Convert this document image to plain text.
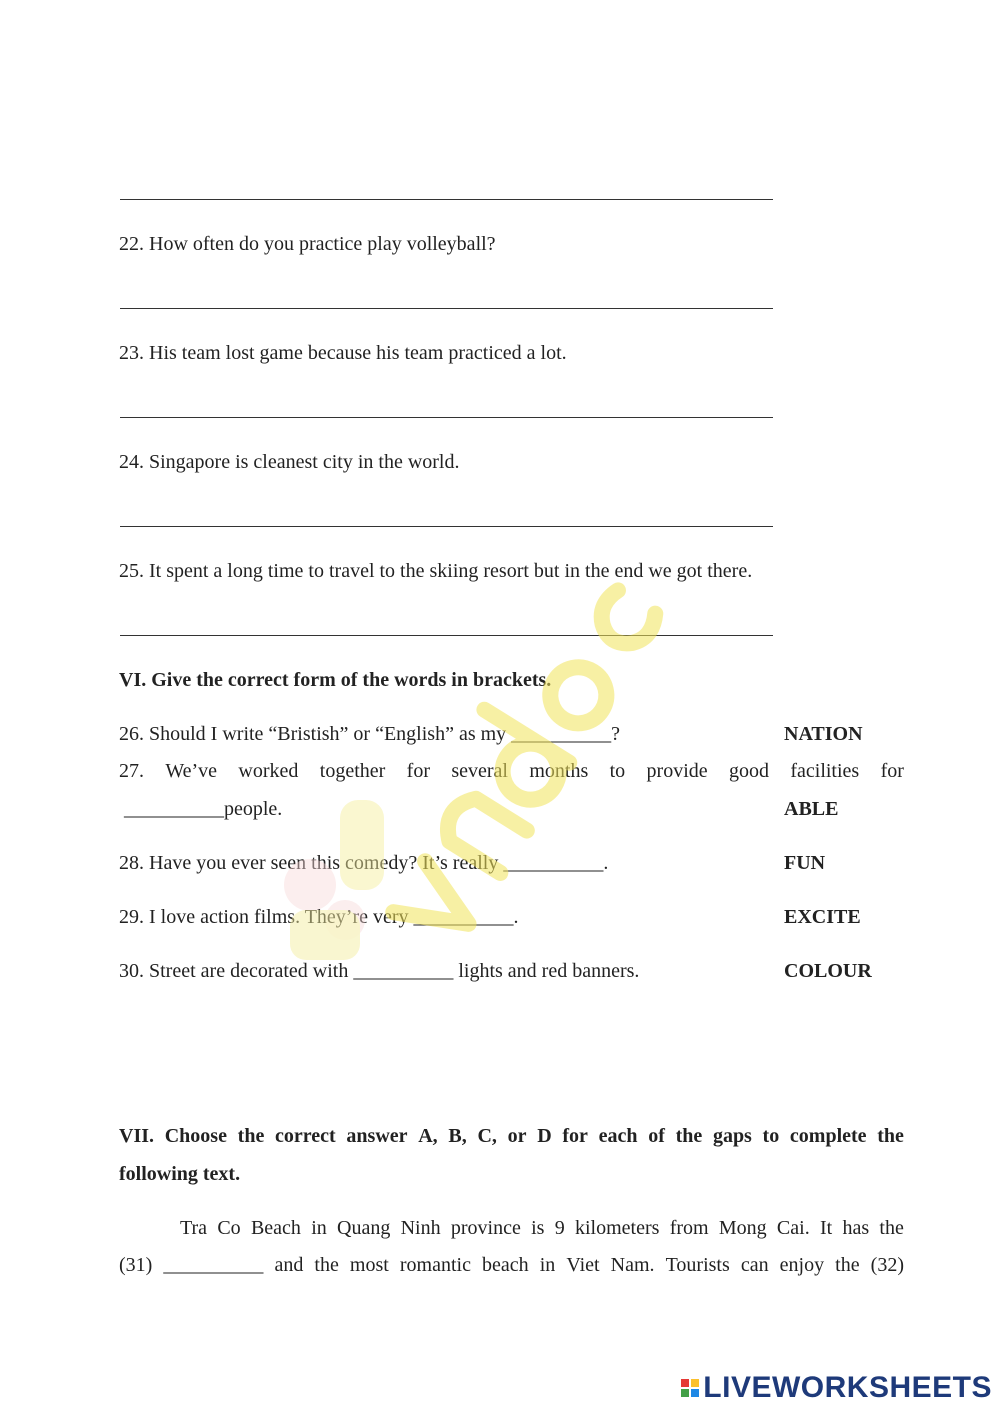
22. How often do you practice play volleyball?
23. His team lost game because his team practiced a lot.
24. Singapore is cleanest city in the world.
25. It spent a long time to travel to the skiing resort but in the end we got there.
VI. Give the correct form of the words in brackets.
26. Should I write “Bristish” or “English” as my __________?	NATION
27. We’ve worked together for several months to provide good facilities for
__________people.	ABLE
28. Have you ever seen this comedy? It’s really __________.	FUN
29. I love action films. They’re very __________.	EXCITE
30. Street are decorated with __________ lights and red banners.	COLOUR
VII. Choose the correct answer A, B, C, or D for each of the gaps to complete the
following text.
Tra Co Beach in Quang Ninh province is 9 kilometers from Mong Cai. It has the
(31) __________ and the most romantic beach in Viet Nam. Tourists can enjoy the (32)
LIVEWORKSHEETS
